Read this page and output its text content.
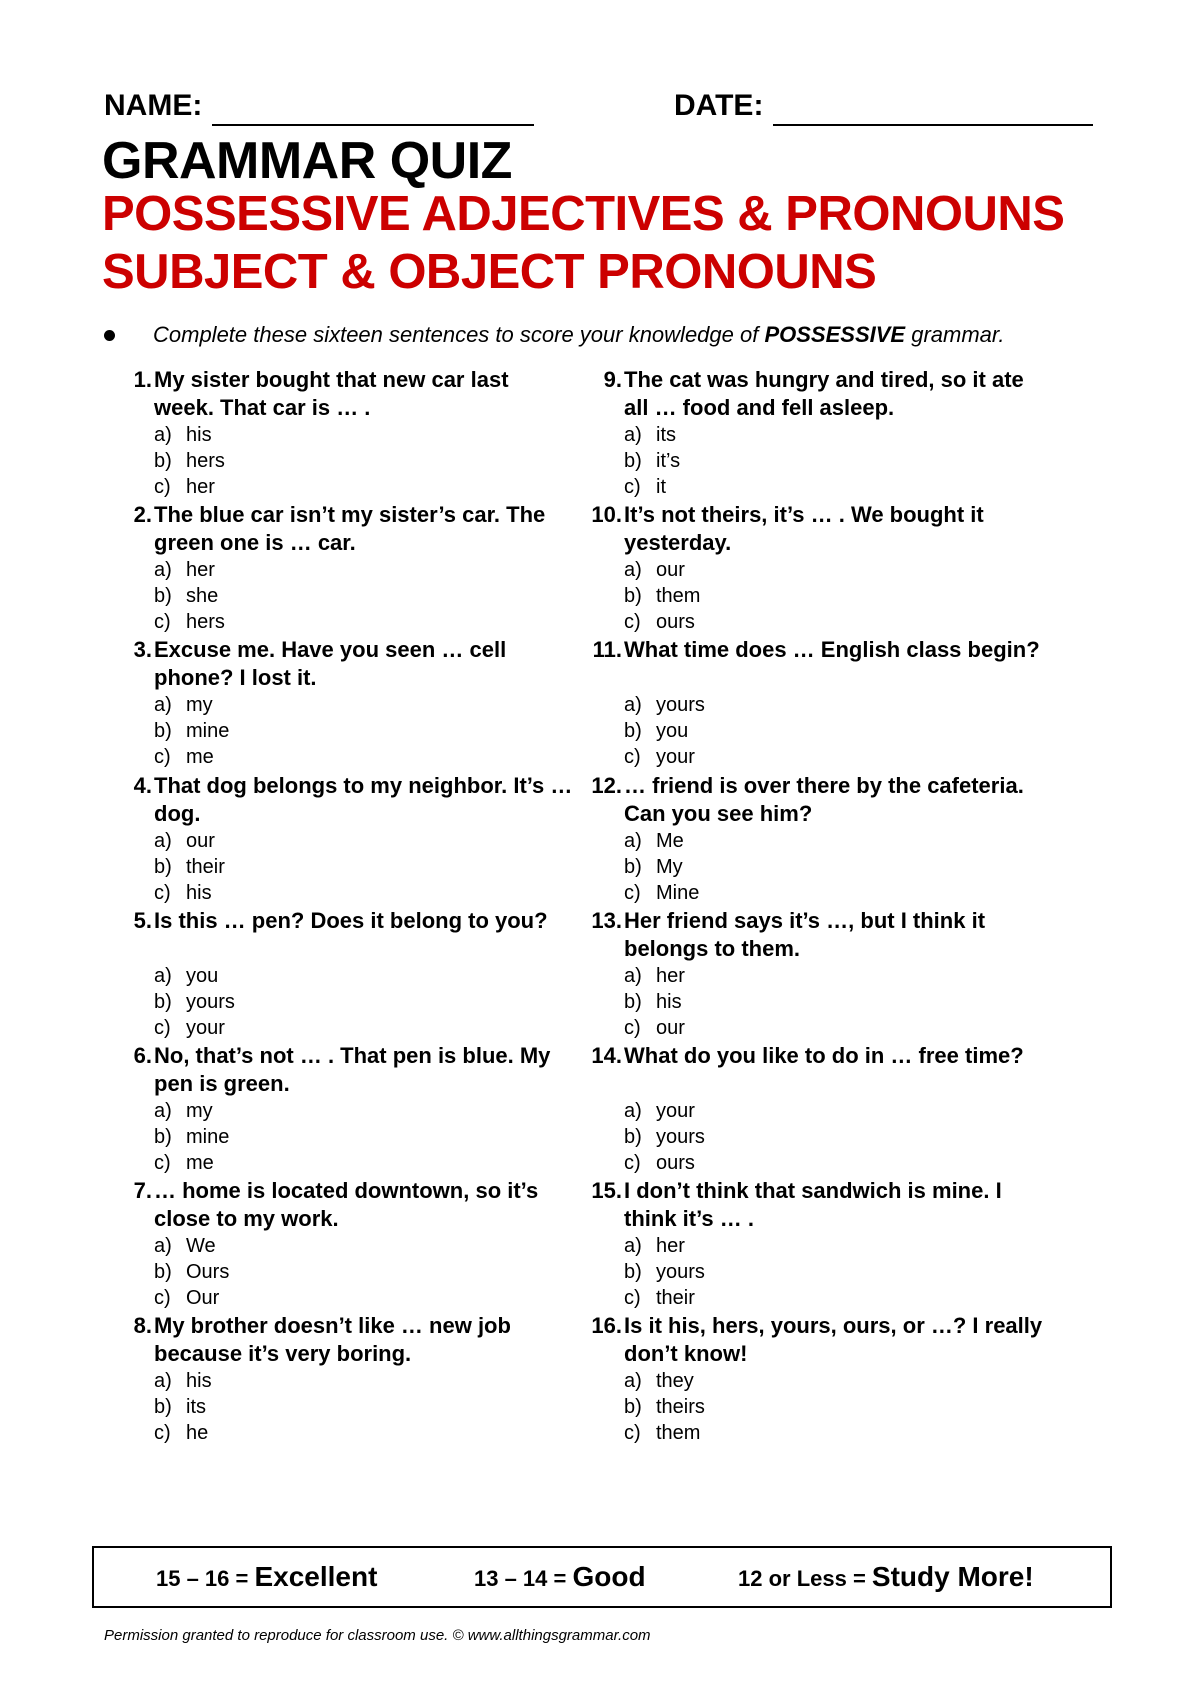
NAME:	DATE:
GRAMMAR QUIZ
POSSESSIVE ADJECTIVES & PRONOUNS
SUBJECT & OBJECT PRONOUNS
Complete these sixteen sentences to score your knowledge of POSSESSIVE grammar.
1. My sister bought that new car last week. That car is … .
a) his
b) hers
c) her
2. The blue car isn’t my sister’s car. The green one is … car.
a) her
b) she
c) hers
3. Excuse me. Have you seen … cell phone? I lost it.
a) my
b) mine
c) me
4. That dog belongs to my neighbor. It’s … dog.
a) our
b) their
c) his
5. Is this … pen? Does it belong to you?
a) you
b) yours
c) your
6. No, that’s not … . That pen is blue. My pen is green.
a) my
b) mine
c) me
7. … home is located downtown, so it’s close to my work.
a) We
b) Ours
c) Our
8. My brother doesn’t like … new job because it’s very boring.
a) his
b) its
c) he
9. The cat was hungry and tired, so it ate all … food and fell asleep.
a) its
b) it’s
c) it
10. It’s not theirs, it’s … . We bought it yesterday.
a) our
b) them
c) ours
11. What time does … English class begin?
a) yours
b) you
c) your
12. … friend is over there by the cafeteria. Can you see him?
a) Me
b) My
c) Mine
13. Her friend says it’s …, but I think it belongs to them.
a) her
b) his
c) our
14. What do you like to do in … free time?
a) your
b) yours
c) ours
15. I don’t think that sandwich is mine. I think it’s … .
a) her
b) yours
c) their
16. Is it his, hers, yours, ours, or …? I really don’t know!
a) they
b) theirs
c) them
15 – 16 = Excellent	13 – 14 = Good	12 or Less = Study More!
Permission granted to reproduce for classroom use. © www.allthingsgrammar.com
